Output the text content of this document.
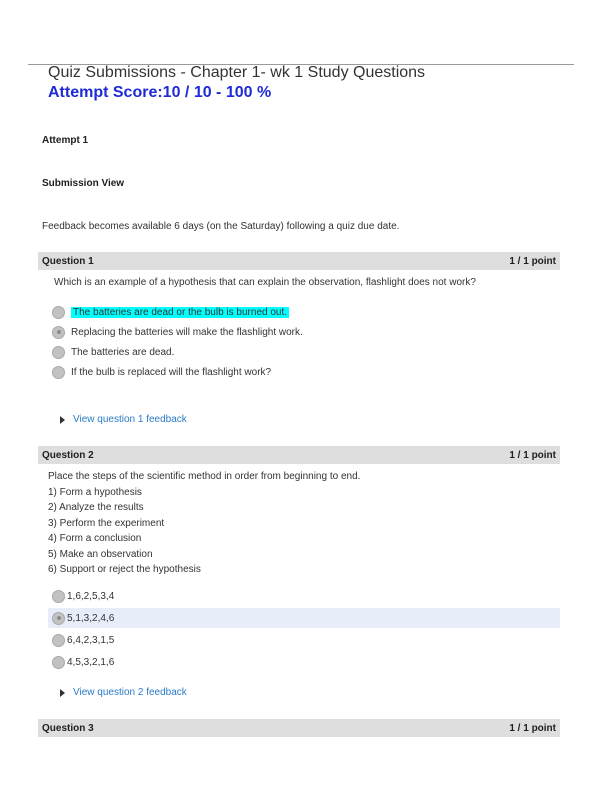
Quiz Submissions - Chapter 1- wk 1 Study Questions
Attempt Score:10 / 10 - 100 %
Attempt 1
Submission View
Feedback becomes available 6 days (on the Saturday) following a quiz due date.
Question 1	1 / 1 point
Which is an example of a hypothesis that can explain the observation, flashlight does not work?
The batteries are dead or the bulb is burned out.
Replacing the batteries will make the flashlight work.
The batteries are dead.
If the bulb is replaced will the flashlight work?
View question 1 feedback
Question 2	1 / 1 point
Place the steps of the scientific method in order from beginning to end.
1) Form a hypothesis
2) Analyze the results
3) Perform the experiment
4) Form a conclusion
5) Make an observation
6) Support or reject the hypothesis
1,6,2,5,3,4
5,1,3,2,4,6
6,4,2,3,1,5
4,5,3,2,1,6
View question 2 feedback
Question 3	1 / 1 point
